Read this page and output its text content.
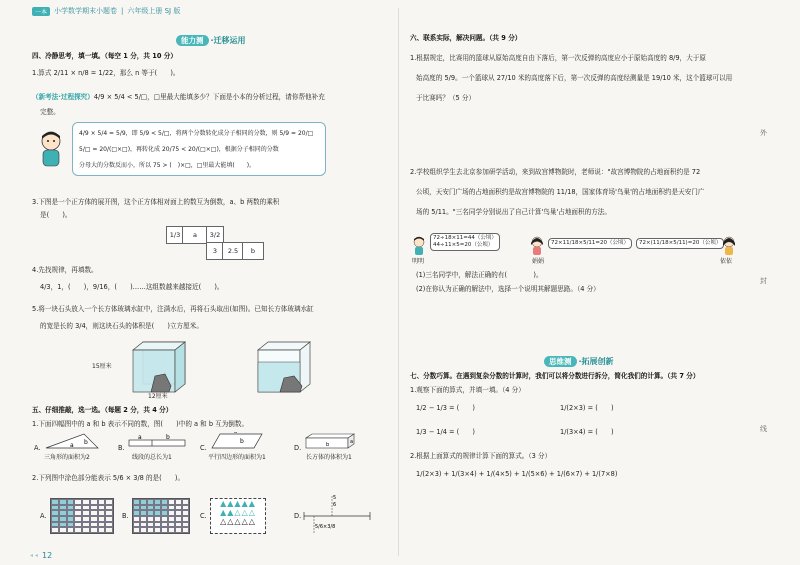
一本	小学数学期末小题卷 | 六年级上册 SJ 版
能力测 ·迁移运用
四、冷静思考，填一填。（每空 1 分，共 10 分）
1.算式 2/11 × n/8 = 1/22，那么 n 等于(　　)。
（新考法·过程探究）4/9 × 5/4 < 5/□，□里最大能填多少？下面是小本的分析过程，请你帮他补充
完整。
4/9 × 5/4 = 5/9，即 5/9 < 5/□，将两个分数转化成分子相同的分数，则 5/9 = 20/□
5/□ = 20/(□×□)，再转化成 20/75 < 20/(□×□)，根据分子相同的分数
分母大的分数反而小，所以 75 > (　)×□，□里最大能填(　　)。
3.下图是一个正方体的展开图，这个正方体相对面上的数互为倒数，a、b 两数的乘积
是(　　)。
1/3	a	3/2
3	2.5	b
4.先找规律，再填数。
4/3，1，(　　)，9/16，(　　)……这组数越来越接近(　　)。
5.将一块石头放入一个长方体玻璃水缸中，注满水后，再将石头取出(如图)。已知长方体玻璃水缸
的宽是长的 3/4，则这块石头的体积是(　　)立方厘米。
15厘米
12厘米
五、仔细推敲，选一选。（每题 2 分，共 4 分）
1.下面四幅图中的 a 和 b 表示不同的数，图(　　)中的 a 和 b 互为倒数。
A.
b
a
三角形的面积为2
B.
a	b
线段的总长为1
C.
b
a
平行四边形的面积为1
D.	b	a
长方体的体积为1
2.下列图中涂色部分能表示 5/6 × 3/8 的是(　　)。
A.	B.	C.
▲▲▲▲▲
▲▲△△△
△△△△△
D.
5
6
5/6×3/8
◂ ◂ 12
六、联系实际，解决问题。（共 9 分）
1.根据规定，比赛用的篮球从原始高度自由下落后，第一次反弹的高度应小于原始高度的 8/9，大于原
始高度的 5/9。一个篮球从 27/10 米的高度落下后，第一次反弹的高度经测量是 19/10 米，这个篮球可以用
于比赛吗？（5 分）
2.学校组织学生去北京参加研学活动，来到故宫博物院时，老师说："故宫博物院的占地面积约是 72
公顷，天安门广场的占地面积约是故宫博物院的 11/18，国家体育场'鸟巢'的占地面积约是天安门广
场的 5/11。"三名同学分别说出了自己计算'鸟巢'占地面积的方法。
72÷18×11=44（公顷）
44÷11×5=20（公顷）
明明
72×11/18×5/11=20（公顷）
娟娟
72×(11/18×5/11)=20（公顷）
依依
(1)三名同学中，解法正确的有(　　　　)。
(2)在你认为正确的解法中，选择一个说明其解题思路。（4 分）
思维测 ·拓展创新
七、分数巧算。在遇到复杂分数的计算时，我们可以将分数进行拆分，简化我们的计算。（共 7 分）
1.观察下面的算式，并填一填。（4 分）
1/2 − 1/3 = (　　)	1/(2×3) = (　　)
1/3 − 1/4 = (　　)	1/(3×4) = (　　)
2.根据上面算式的规律计算下面的算式。（3 分）
1/(2×3) + 1/(3×4) + 1/(4×5) + 1/(5×6) + 1/(6×7) + 1/(7×8)
外
封
线
